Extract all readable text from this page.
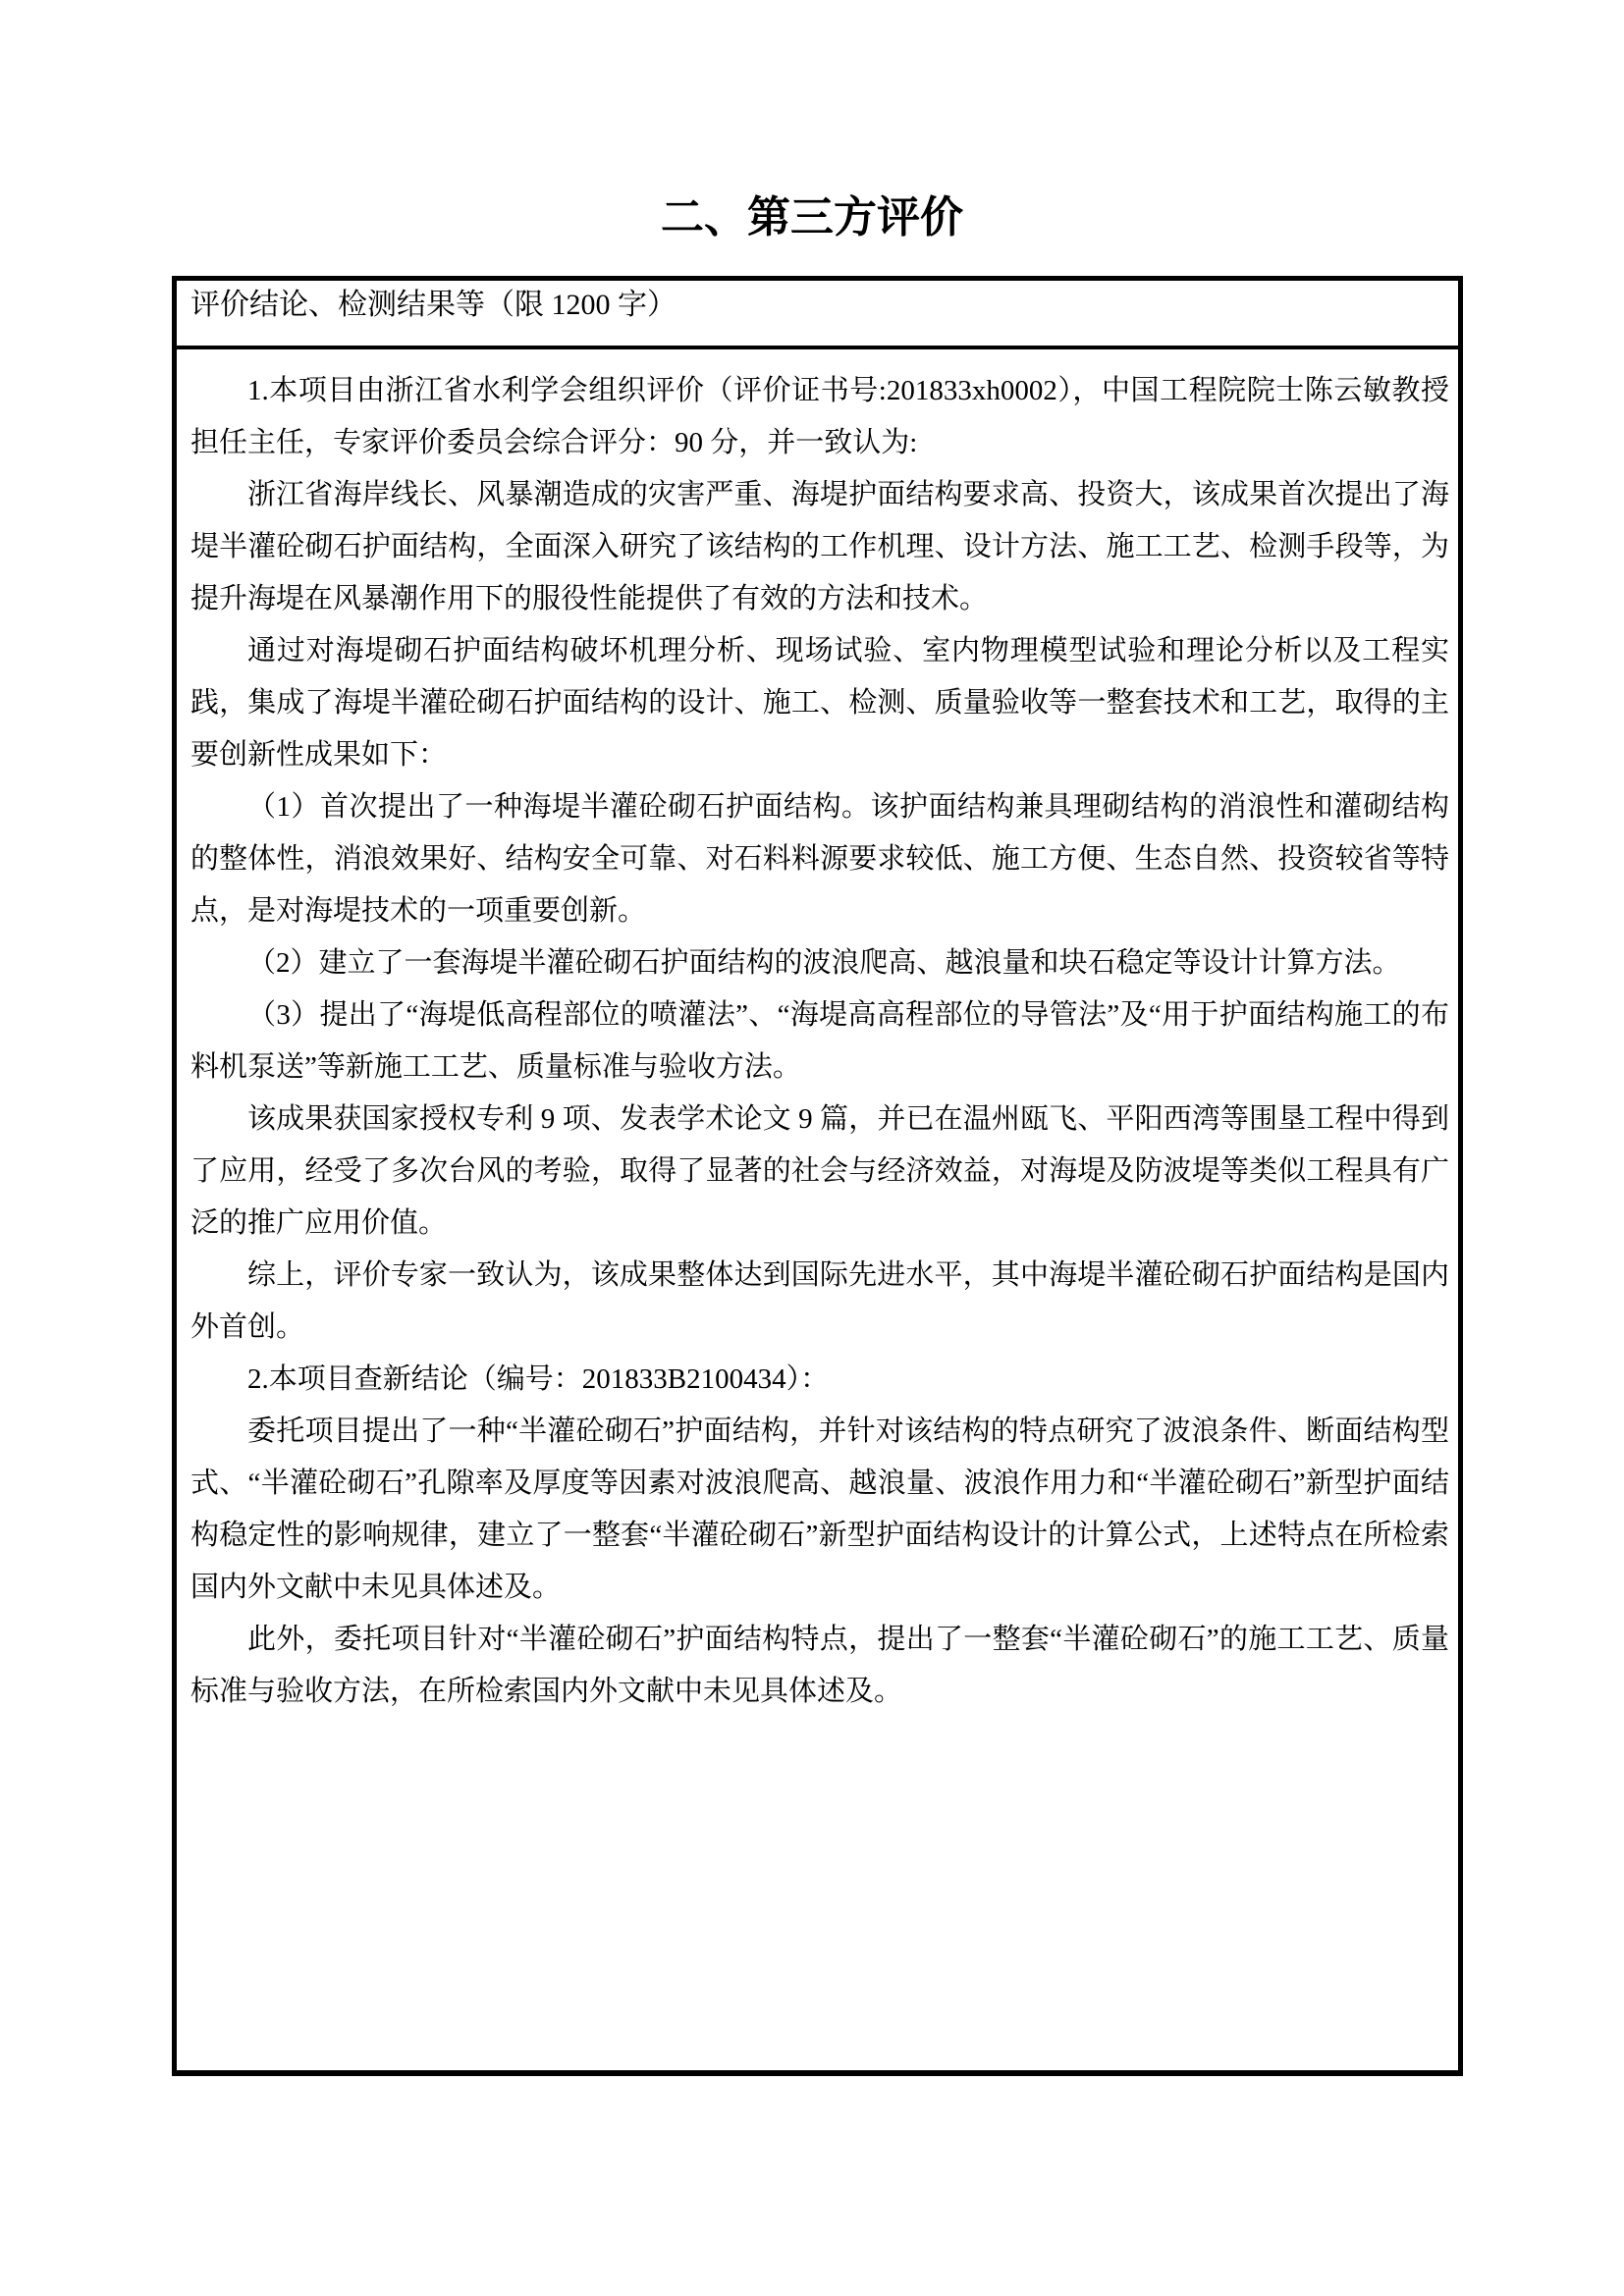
二、第三方评价
评价结论、检测结果等（限 1200 字）

1.本项目由浙江省水利学会组织评价（评价证书号:201833xh0002），中国工程院院士陈云敏教授担任主任，专家评价委员会综合评分：90 分，并一致认为:

浙江省海岸线长、风暴潮造成的灾害严重、海堤护面结构要求高、投资大，该成果首次提出了海堤半灌砼砌石护面结构，全面深入研究了该结构的工作机理、设计方法、施工工艺、检测手段等，为提升海堤在风暴潮作用下的服役性能提供了有效的方法和技术。

通过对海堤砌石护面结构破坏机理分析、现场试验、室内物理模型试验和理论分析以及工程实践，集成了海堤半灌砼砌石护面结构的设计、施工、检测、质量验收等一整套技术和工艺，取得的主要创新性成果如下：

（1）首次提出了一种海堤半灌砼砌石护面结构。该护面结构兼具理砌结构的消浪性和灌砌结构的整体性，消浪效果好、结构安全可靠、对石料料源要求较低、施工方便、生态自然、投资较省等特点，是对海堤技术的一项重要创新。

（2）建立了一套海堤半灌砼砌石护面结构的波浪爬高、越浪量和块石稳定等设计计算方法。

（3）提出了“海堤低高程部位的喷灌法”、“海堤高高程部位的导管法”及“用于护面结构施工的布料机泵送”等新施工工艺、质量标准与验收方法。

该成果获国家授权专利 9 项、发表学术论文 9 篇，并已在温州瓯飞、平阳西湾等围垦工程中得到了应用，经受了多次台风的考验，取得了显著的社会与经济效益，对海堤及防波堤等类似工程具有广泛的推广应用价值。

综上，评价专家一致认为，该成果整体达到国际先进水平，其中海堤半灌砼砌石护面结构是国内外首创。

2.本项目查新结论（编号：201833B2100434）：

委托项目提出了一种“半灌砼砌石”护面结构，并针对该结构的特点研究了波浪条件、断面结构型式、“半灌砼砌石”孔隙率及厚度等因素对波浪爬高、越浪量、波浪作用力和“半灌砼砌石”新型护面结构稳定性的影响规律，建立了一整套“半灌砼砌石”新型护面结构设计的计算公式，上述特点在所检索国内外文献中未见具体述及。

此外，委托项目针对“半灌砼砌石”护面结构特点，提出了一整套“半灌砼砌石”的施工工艺、质量标准与验收方法，在所检索国内外文献中未见具体述及。
